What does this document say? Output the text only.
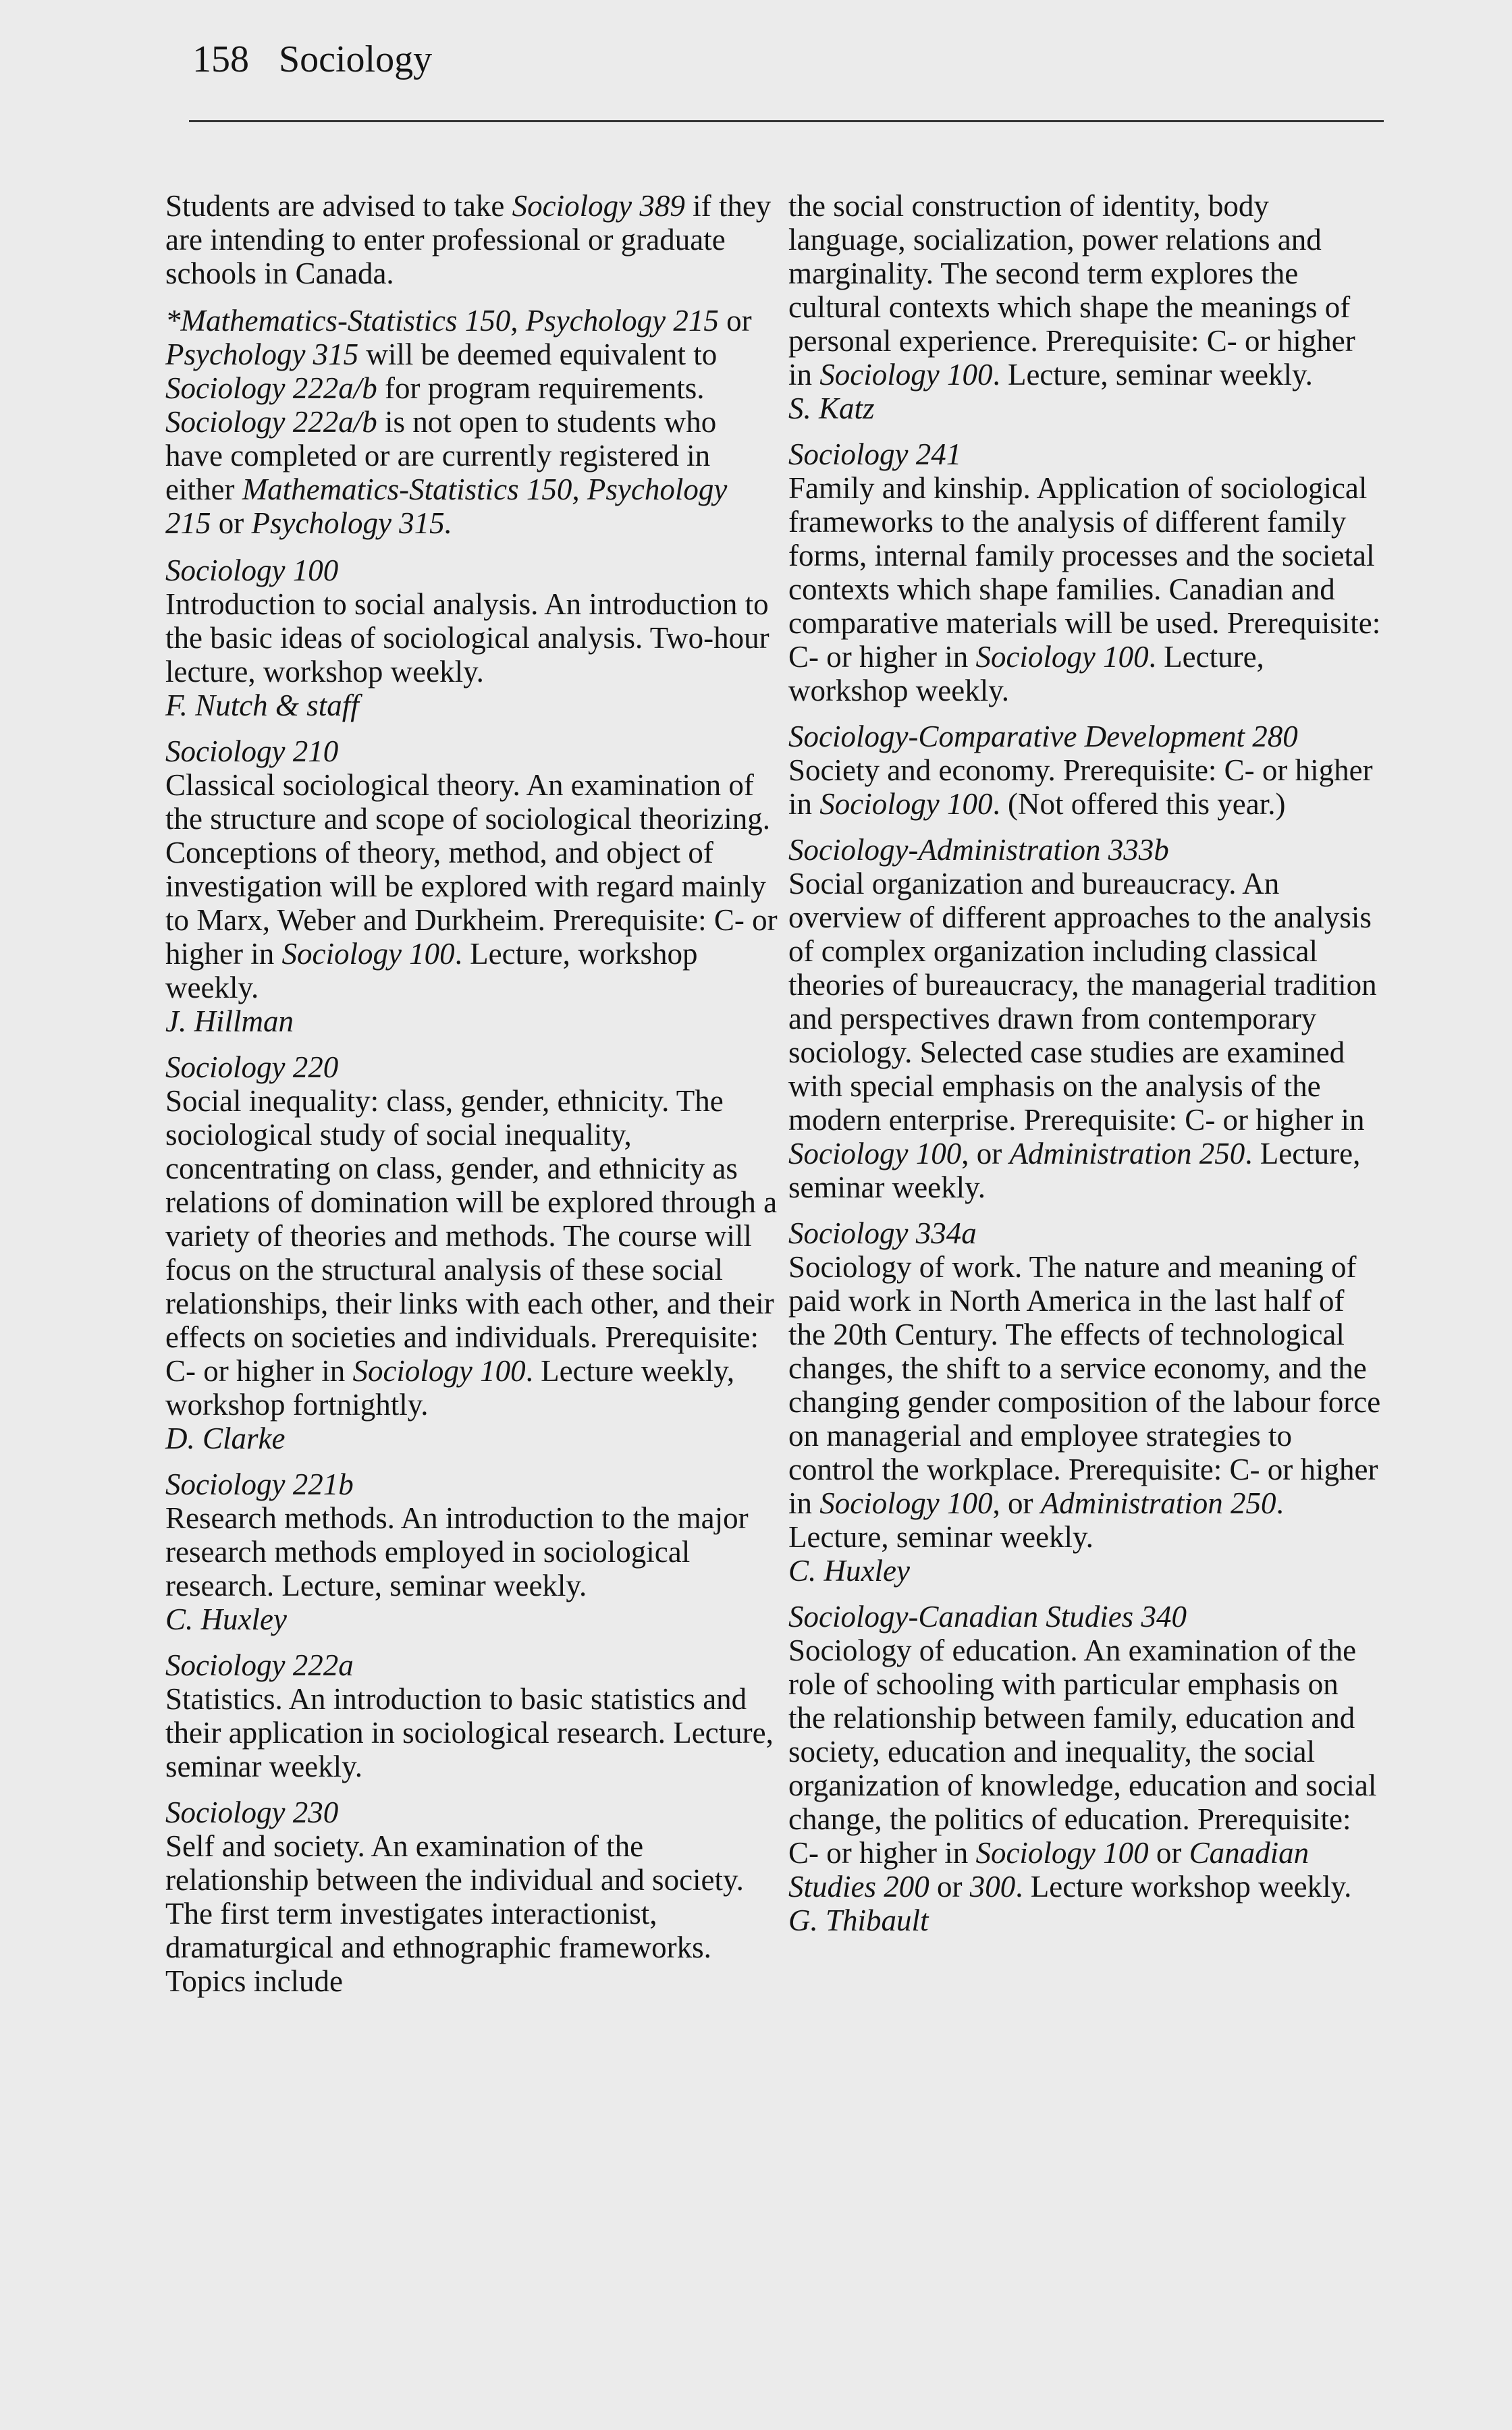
158 Sociology

Students are advised to take Sociology 389 if they are intending to enter professional or graduate schools in Canada.

*Mathematics-Statistics 150, Psychology 215 or Psychology 315 will be deemed equivalent to Sociology 222a/b for program requirements. Sociology 222a/b is not open to students who have completed or are currently registered in either Mathematics-Statistics 150, Psychology 215 or Psychology 315.

Sociology 100
Introduction to social analysis. An introduction to the basic ideas of sociological analysis. Two-hour lecture, workshop weekly.
F. Nutch & staff
Sociology 210
Classical sociological theory. An examination of the structure and scope of sociological theorizing. Conceptions of theory, method, and object of investigation will be explored with regard mainly to Marx, Weber and Durkheim. Prerequisite: C- or higher in Sociology 100. Lecture, workshop weekly.
J. Hillman
Sociology 220
Social inequality: class, gender, ethnicity. The sociological study of social inequality, concentrating on class, gender, and ethnicity as relations of domination will be explored through a variety of theories and methods. The course will focus on the structural analysis of these social relationships, their links with each other, and their effects on societies and individuals. Prerequisite: C- or higher in Sociology 100. Lecture weekly, workshop fortnightly.
D. Clarke
Sociology 221b
Research methods. An introduction to the major research methods employed in sociological research. Lecture, seminar weekly.
C. Huxley
Sociology 222a
Statistics. An introduction to basic statistics and their application in sociological research. Lecture, seminar weekly.
Sociology 230
Self and society. An examination of the relationship between the individual and society. The first term investigates interactionist, dramaturgical and ethnographic frameworks. Topics include
the social construction of identity, body language, socialization, power relations and marginality. The second term explores the cultural contexts which shape the meanings of personal experience. Prerequisite: C- or higher in Sociology 100. Lecture, seminar weekly.
S. Katz
Sociology 241
Family and kinship. Application of sociological frameworks to the analysis of different family forms, internal family processes and the societal contexts which shape families. Canadian and comparative materials will be used. Prerequisite: C- or higher in Sociology 100. Lecture, workshop weekly.
Sociology-Comparative Development 280
Society and economy. Prerequisite: C- or higher in Sociology 100. (Not offered this year.)
Sociology-Administration 333b
Social organization and bureaucracy. An overview of different approaches to the analysis of complex organization including classical theories of bureaucracy, the managerial tradition and perspectives drawn from contemporary sociology. Selected case studies are examined with special emphasis on the analysis of the modern enterprise. Prerequisite: C- or higher in Sociology 100, or Administration 250. Lecture, seminar weekly.
Sociology 334a
Sociology of work. The nature and meaning of paid work in North America in the last half of the 20th Century. The effects of technological changes, the shift to a service economy, and the changing gender composition of the labour force on managerial and employee strategies to control the workplace. Prerequisite: C- or higher in Sociology 100, or Administration 250. Lecture, seminar weekly.
C. Huxley
Sociology-Canadian Studies 340
Sociology of education. An examination of the role of schooling with particular emphasis on the relationship between family, education and society, education and inequality, the social organization of knowledge, education and social change, the politics of education. Prerequisite: C- or higher in Sociology 100 or Canadian Studies 200 or 300. Lecture workshop weekly.
G. Thibault
